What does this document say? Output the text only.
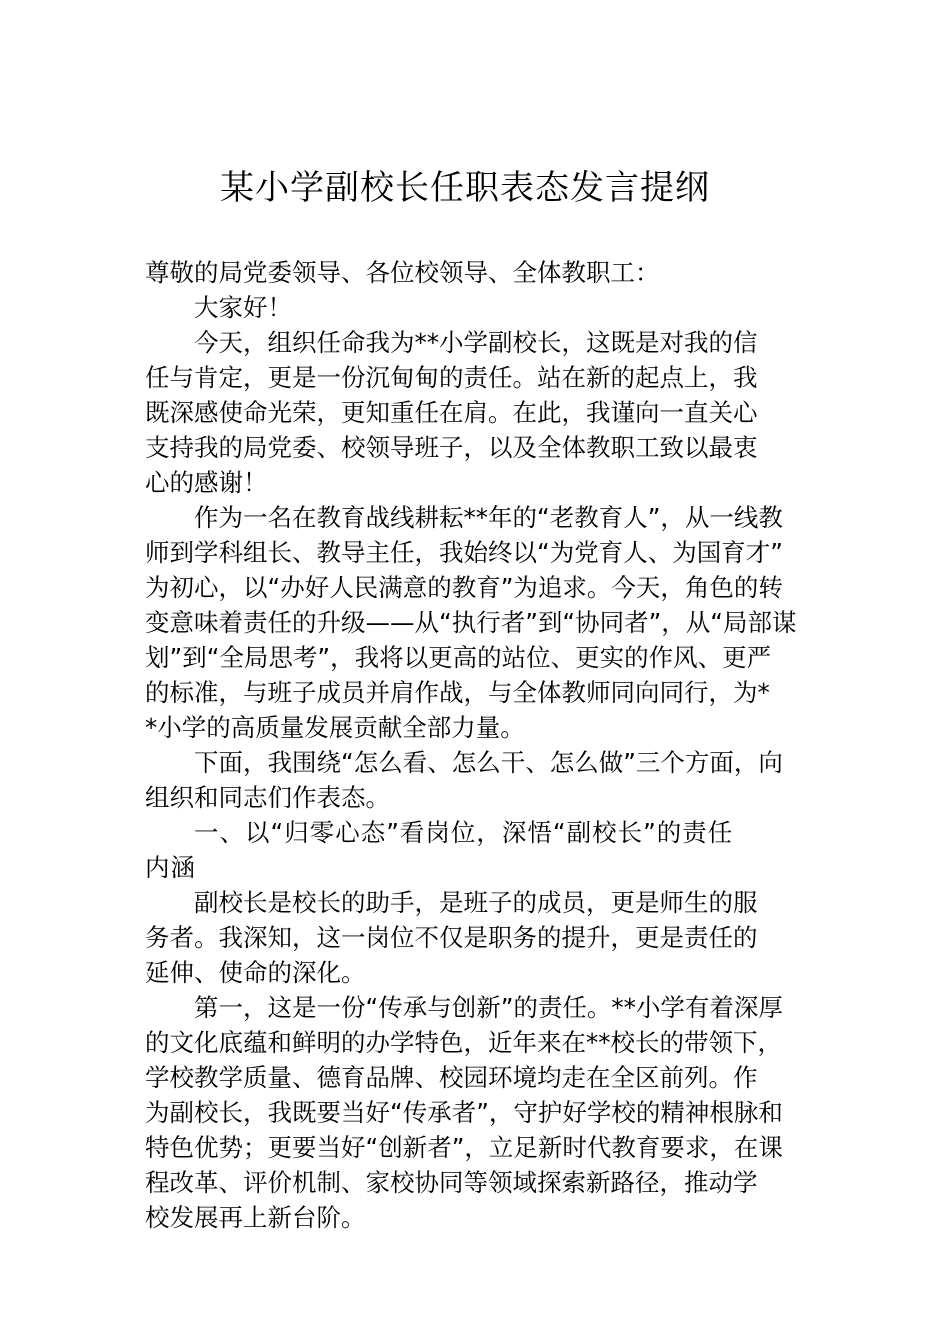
某小学副校长任职表态发言提纲

尊敬的局党委领导、各位校领导、全体教职工：

大家好！

今天，组织任命我为**小学副校长，这既是对我的信
任与肯定，更是一份沉甸甸的责任。站在新的起点上，我
既深感使命光荣，更知重任在肩。在此，我谨向一直关心
支持我的局党委、校领导班子，以及全体教职工致以最衷
心的感谢！

作为一名在教育战线耕耘**年的“老教育人”，从一线教
师到学科组长、教导主任，我始终以“为党育人、为国育才”
为初心，以“办好人民满意的教育”为追求。今天，角色的转
变意味着责任的升级——从“执行者”到“协同者”，从“局部谋
划”到“全局思考”，我将以更高的站位、更实的作风、更严
的标准，与班子成员并肩作战，与全体教师同向同行，为*
*小学的高质量发展贡献全部力量。

下面，我围绕“怎么看、怎么干、怎么做”三个方面，向
组织和同志们作表态。

一、以“归零心态”看岗位，深悟“副校长”的责任
内涵

副校长是校长的助手，是班子的成员，更是师生的服
务者。我深知，这一岗位不仅是职务的提升，更是责任的
延伸、使命的深化。

第一，这是一份“传承与创新”的责任。**小学有着深厚
的文化底蕴和鲜明的办学特色，近年来在**校长的带领下，
学校教学质量、德育品牌、校园环境均走在全区前列。作
为副校长，我既要当好“传承者”，守护好学校的精神根脉和
特色优势；更要当好“创新者”，立足新时代教育要求，在课
程改革、评价机制、家校协同等领域探索新路径，推动学
校发展再上新台阶。
